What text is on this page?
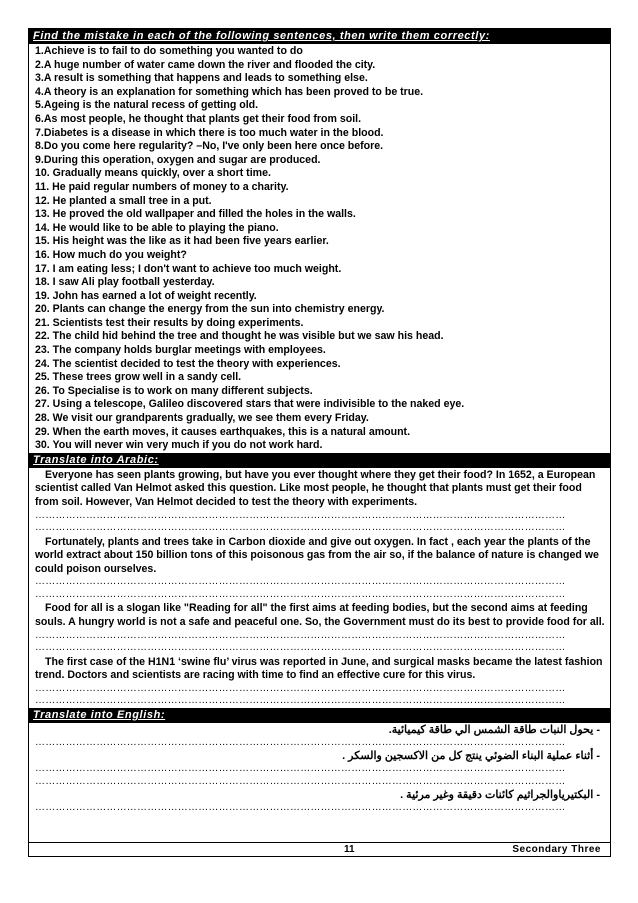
Find the mistake in each of the following sentences, then write them correctly:
1.Achieve is to fail to do something you wanted to do
2.A huge number of water came down the river and flooded the city.
3.A result is something that happens and leads to something else.
4.A theory is an explanation for something which has been proved to be true.
5.Ageing is the natural recess of getting old.
6.As most people, he thought that plants get their food from soil.
7.Diabetes is a disease in which there is too much water in the blood.
8.Do you come here regularity? –No, I've only been here once before.
9.During this operation, oxygen and sugar are produced.
10. Gradually means quickly, over a short time.
11. He paid regular numbers of money to a charity.
12. He planted a small tree in a put.
13. He proved the old wallpaper and filled the holes in the walls.
14. He would like to be able to playing the piano.
15. His height was the like as it had been five years earlier.
16. How much do you weight?
17. I am eating less; I don't want to achieve too much weight.
18. I saw Ali play football yesterday.
19. John has earned a lot of weight recently.
20. Plants can change the energy from the sun into chemistry energy.
21. Scientists test their results by doing experiments.
22. The child hid behind the tree and thought he was visible but we saw his head.
23. The company holds burglar meetings with employees.
24. The scientist decided to test the theory with experiences.
25. These trees grow well in a sandy cell.
26. To Specialise is to work on many different subjects.
27. Using a telescope, Galileo discovered stars that were indivisible to the naked eye.
28. We visit our grandparents gradually, we see them every Friday.
29. When the earth moves, it causes earthquakes, this is a natural amount.
30. You will never win very much if you do not work hard.
Translate into Arabic:
Everyone has seen plants growing, but have you ever thought where they get their food? In 1652, a European scientist called Van Helmot asked this question. Like most people, he thought that plants must get their food from soil. However, Van Helmot decided to test the theory with experiments.
…………………………………………………………………………………………………………………………………………
…………………………………………………………………………………………………………………………………………
Fortunately, plants and trees take in Carbon dioxide and give out oxygen. In fact , each year the plants of the world extract about 150 billion tons of this poisonous gas from the air so, if the balance of nature is changed we could poison ourselves.
…………………………………………………………………………………………………………………………………………
…………………………………………………………………………………………………………………………………………
Food for all is a slogan like "Reading for all" the first aims at feeding bodies, but the second aims at feeding souls. A hungry world is not a safe and peaceful one. So, the Government must do its best to provide food for all.
…………………………………………………………………………………………………………………………………………
…………………………………………………………………………………………………………………………………………
The first case of the H1N1 ‘swine flu’ virus was reported in June, and surgical masks became the latest fashion trend. Doctors and scientists are racing with time to find an effective cure for this virus.
…………………………………………………………………………………………………………………………………………
…………………………………………………………………………………………………………………………………………
Translate into English:
- يحول النبات طاقة الشمس الي طاقة كيميائية.
…………………………………………………………………………………………………………………………………………
- أثناء عملية البناء الضوئي ينتج كل من الاكسجين والسكر .
…………………………………………………………………………………………………………………………………………
…………………………………………………………………………………………………………………………………………
- البكتيرياوالجراثيم كائنات دقيقة وغير مرئية .
…………………………………………………………………………………………………………………………………………
11	Secondary Three
